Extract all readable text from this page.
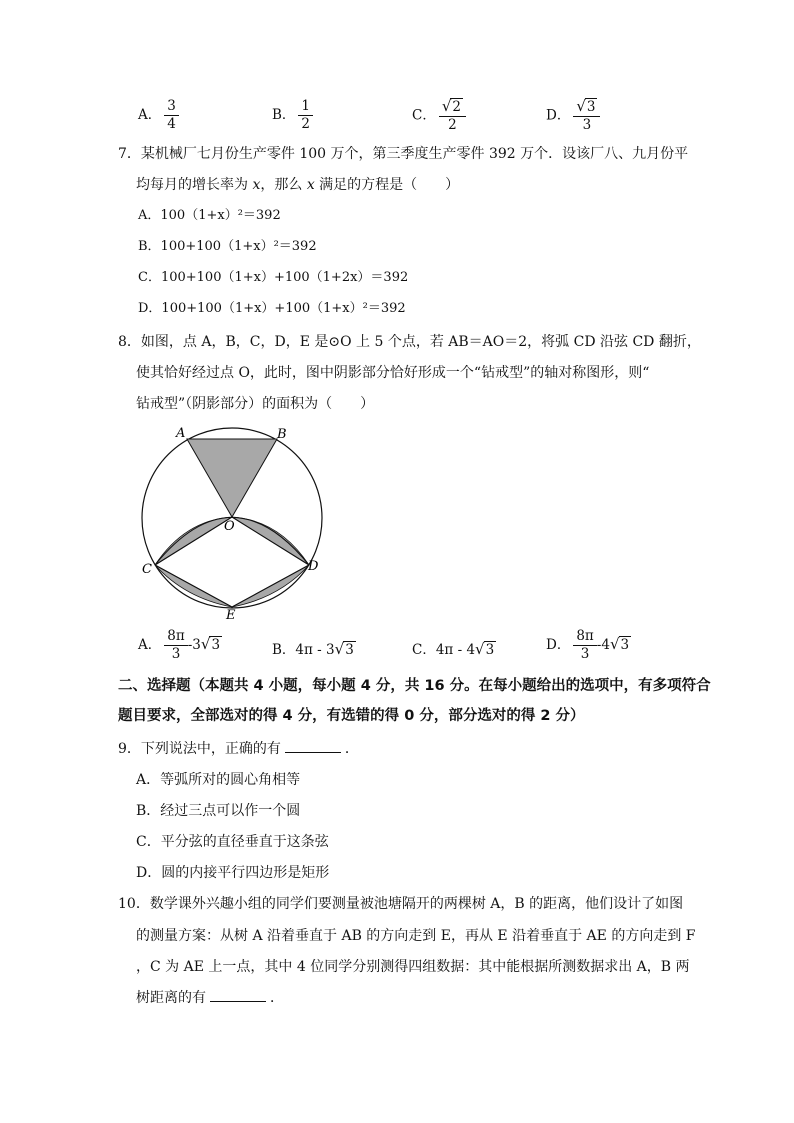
A． $\frac{3}{4}$	B． $\frac{1}{2}$	C． $\frac{√2}{2}$	D． $\frac{√3}{3}$
7．某机械厂七月份生产零件 100 万个，第三季度生产零件 392 万个．设该厂八、九月份平
均每月的增长率为 x，那么 x 满足的方程是（　　）
A．100（1+x）²＝392
B．100+100（1+x）²＝392
C．100+100（1+x）+100（1+2x）＝392
D．100+100（1+x）+100（1+x）²＝392
8．如图，点 A，B，C，D，E 是⊙O 上 5 个点，若 AB＝AO＝2，将弧 CD 沿弦 CD 翻折，
使其恰好经过点 O，此时，图中阴影部分恰好形成一个“钻戒型”的轴对称图形，则“
钻戒型”（阴影部分）的面积为（　　）
A	B
O
C	D
E
A． $\frac{8\pi}{3} -3√3$	B．4π - 3√3	C．4π - 4√3	D． $\frac{8\pi}{3} -4√3$
二、选择题（本题共 4 小题，每小题 4 分，共 16 分。在每小题给出的选项中，有多项符合
题目要求，全部选对的得 4 分，有选错的得 0 分，部分选对的得 2 分）
9．下列说法中，正确的有	．
A．等弧所对的圆心角相等
B．经过三点可以作一个圆
C．平分弦的直径垂直于这条弦
D．圆的内接平行四边形是矩形
10．数学课外兴趣小组的同学们要测量被池塘隔开的两棵树 A，B 的距离，他们设计了如图
的测量方案：从树 A 沿着垂直于 AB 的方向走到 E，再从 E 沿着垂直于 AE 的方向走到 F
，C 为 AE 上一点，其中 4 位同学分别测得四组数据：其中能根据所测数据求出 A，B 两
树距离的有	．
